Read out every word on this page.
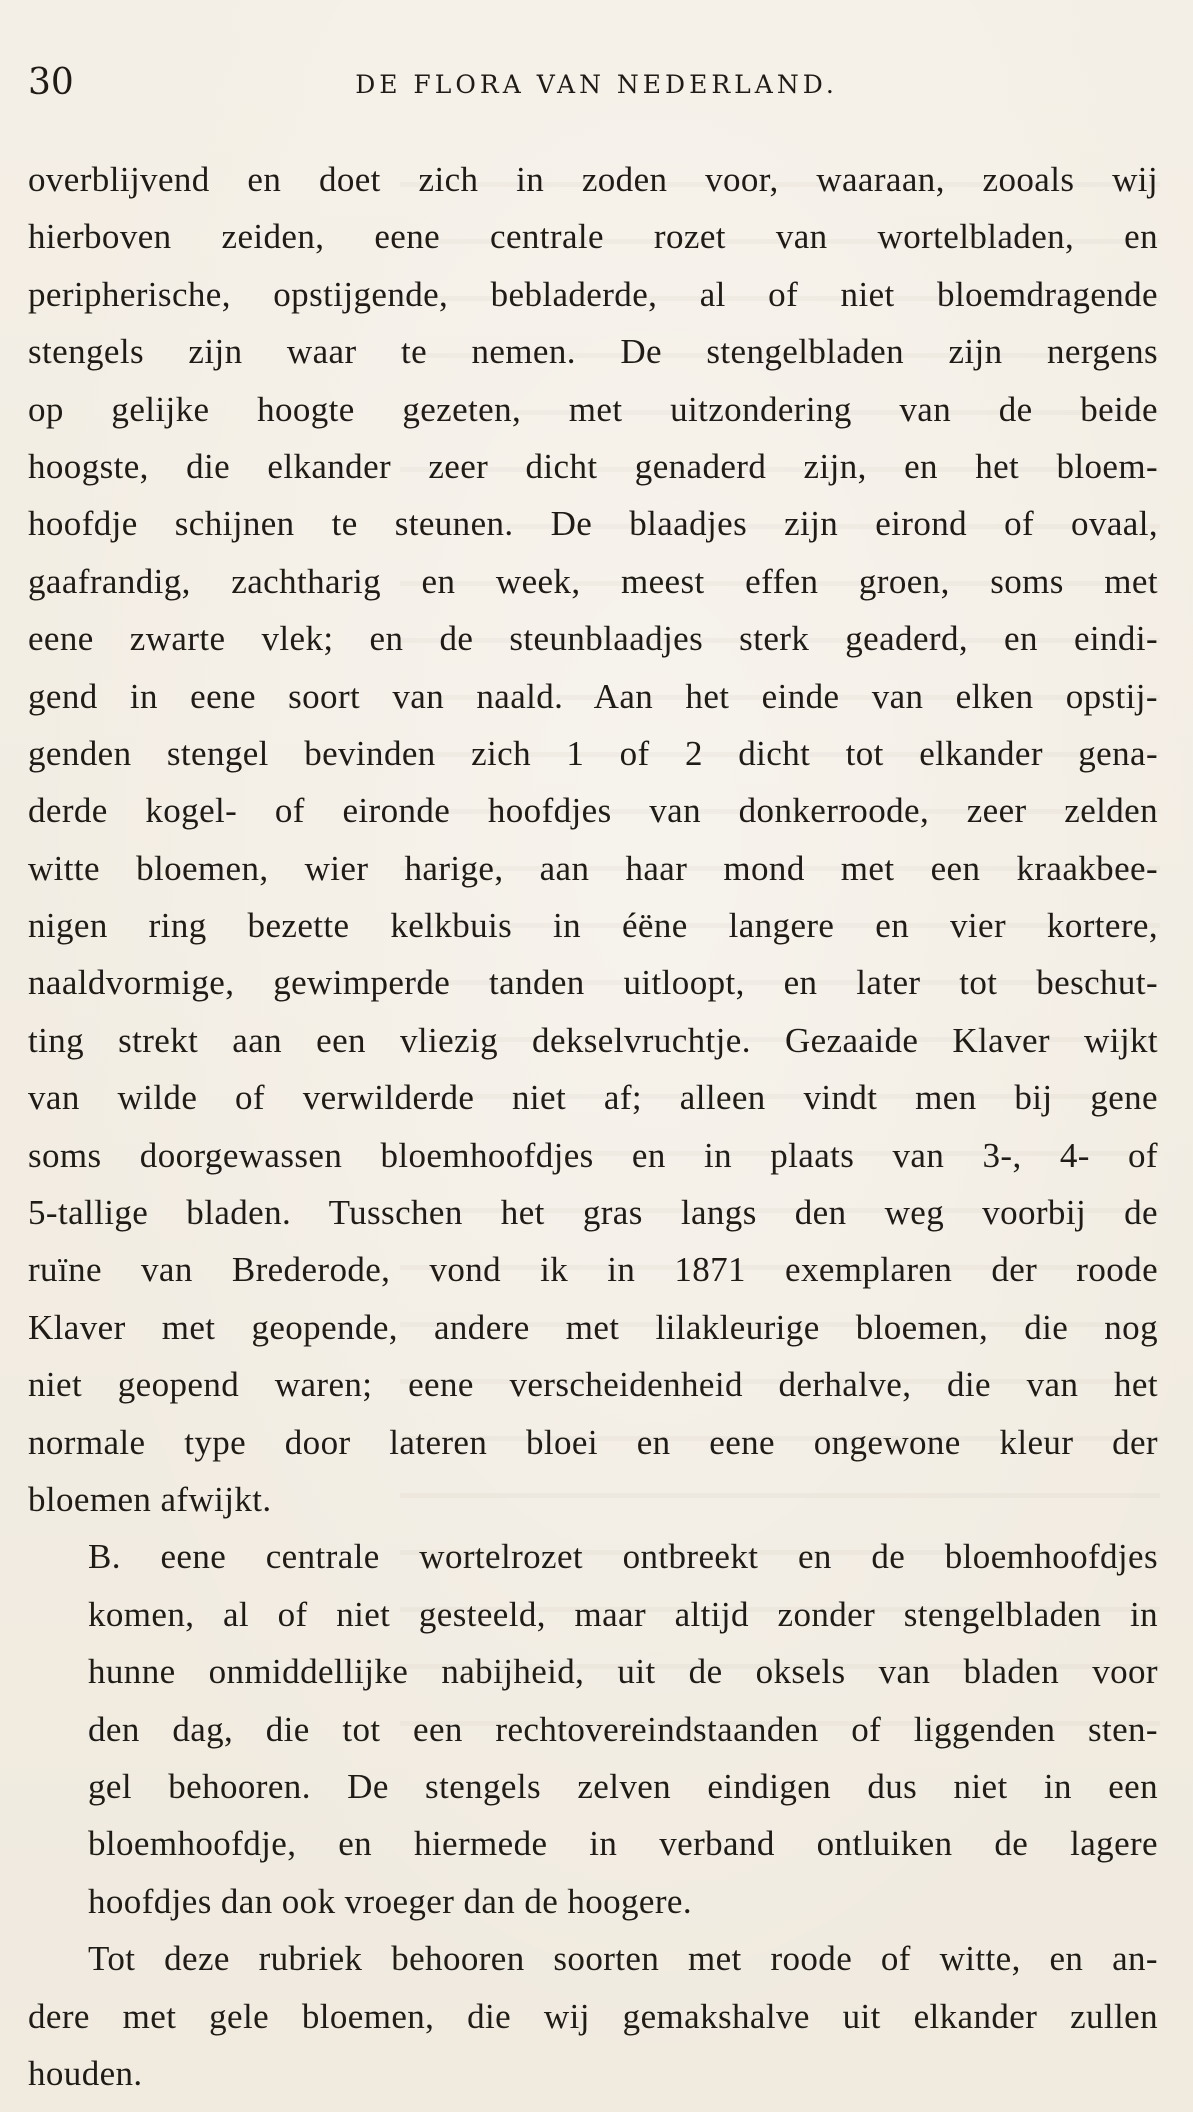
30	DE FLORA VAN NEDERLAND.
overblijvend en doet zich in zoden voor, waaraan, zooals wij
hierboven zeiden, eene centrale rozet van wortelbladen, en
peripherische, opstijgende, bebladerde, al of niet bloemdragende
stengels zijn waar te nemen. De stengelbladen zijn nergens
op gelijke hoogte gezeten, met uitzondering van de beide
hoogste, die elkander zeer dicht genaderd zijn, en het bloem-
hoofdje schijnen te steunen. De blaadjes zijn eirond of ovaal,
gaafrandig, zachtharig en week, meest effen groen, soms met
eene zwarte vlek; en de steunblaadjes sterk geaderd, en eindi-
gend in eene soort van naald. Aan het einde van elken opstij-
genden stengel bevinden zich 1 of 2 dicht tot elkander gena-
derde kogel- of eironde hoofdjes van donkerroode, zeer zelden
witte bloemen, wier harige, aan haar mond met een kraakbee-
nigen ring bezette kelkbuis in éëne langere en vier kortere,
naaldvormige, gewimperde tanden uitloopt, en later tot beschut-
ting strekt aan een vliezig dekselvruchtje. Gezaaide Klaver wijkt
van wilde of verwilderde niet af; alleen vindt men bij gene
soms doorgewassen bloemhoofdjes en in plaats van 3-, 4- of
5-tallige bladen. Tusschen het gras langs den weg voorbij de
ruïne van Brederode, vond ik in 1871 exemplaren der roode
Klaver met geopende, andere met lilakleurige bloemen, die nog
niet geopend waren; eene verscheidenheid derhalve, die van het
normale type door lateren bloei en eene ongewone kleur der
bloemen afwijkt.
B. eene centrale wortelrozet ontbreekt en de bloemhoofdjes
komen, al of niet gesteeld, maar altijd zonder stengelbladen in
hunne onmiddellijke nabijheid, uit de oksels van bladen voor
den dag, die tot een rechtovereindstaanden of liggenden sten-
gel behooren. De stengels zelven eindigen dus niet in een
bloemhoofdje, en hiermede in verband ontluiken de lagere
hoofdjes dan ook vroeger dan de hoogere.
Tot deze rubriek behooren soorten met roode of witte, en an-
dere met gele bloemen, die wij gemakshalve uit elkander zullen
houden.
